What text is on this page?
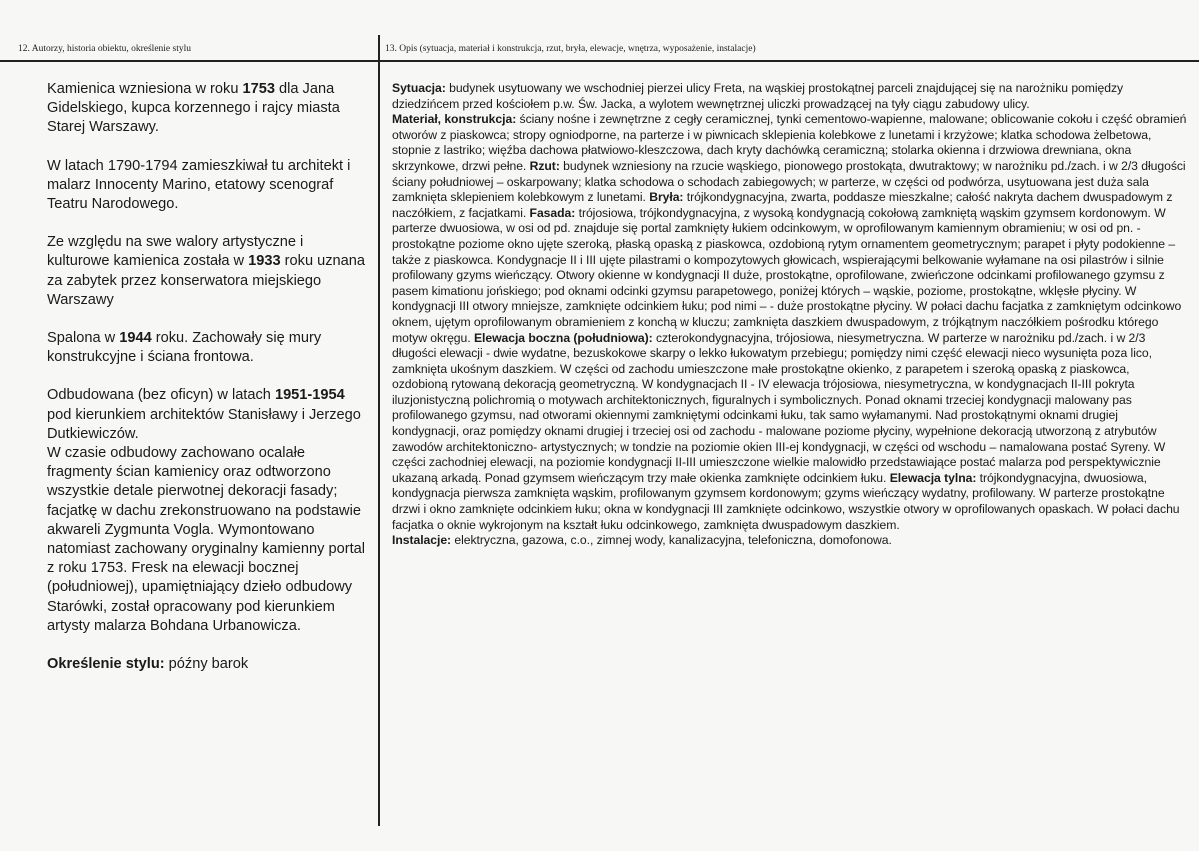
12. Autorzy, historia obiektu, określenie stylu	13. Opis (sytuacja, materiał i konstrukcja, rzut, bryła, elewacje, wnętrza, wyposażenie, instalacje)

Kamienica wzniesiona w roku 1753 dla Jana Gidelskiego, kupca korzennego i rajcy miasta Starej Warszawy.

W latach 1790-1794 zamieszkiwał tu architekt i malarz Innocenty Marino, etatowy scenograf Teatru Narodowego.

Ze względu na swe walory artystyczne i kulturowe kamienica została w 1933 roku uznana za zabytek przez konserwatora miejskiego Warszawy

Spalona w 1944 roku. Zachowały się mury konstrukcyjne i ściana frontowa.

Odbudowana (bez oficyn) w latach 1951-1954 pod kierunkiem architektów Stanisławy i Jerzego Dutkiewiczów.

W czasie odbudowy zachowano ocalałe fragmenty ścian kamienicy oraz odtworzono wszystkie detale pierwotnej dekoracji fasady; facjatkę w dachu zrekonstruowano na podstawie akwareli Zygmunta Vogla. Wymontowano natomiast zachowany oryginalny kamienny portal z roku 1753. Fresk na elewacji bocznej (południowej), upamiętniający dzieło odbudowy Starówki, został opracowany pod kierunkiem artysty malarza Bohdana Urbanowicza.

Określenie stylu: późny barok

Sytuacja: budynek usytuowany we wschodniej pierzei ulicy Freta, na wąskiej prostokątnej parceli znajdującej się na narożniku pomiędzy dziedzińcem przed kościołem p.w. Św. Jacka, a wylotem wewnętrznej uliczki prowadzącej na tyły ciągu zabudowy ulicy.

Materiał, konstrukcja: ściany nośne i zewnętrzne z cegły ceramicznej, tynki cementowo-wapienne, malowane; oblicowanie cokołu i część obramień otworów z piaskowca; stropy ogniodporne, na parterze i w piwnicach sklepienia kolebkowe z lunetami i krzyżowe; klatka schodowa żelbetowa, stopnie z lastriko; więźba dachowa płatwiowo-kleszczowa, dach kryty dachówką ceramiczną; stolarka okienna i drzwiowa drewniana, okna skrzynkowe, drzwi pełne. Rzut: budynek wzniesiony na rzucie wąskiego, pionowego prostokąta, dwutraktowy; w narożniku pd./zach. i w 2/3 długości ściany południowej – oskarpowany; klatka schodowa o schodach zabiegowych; w parterze, w części od podwórza, usytuowana jest duża sala zamknięta sklepieniem kolebkowym z lunetami. Bryła: trójkondygnacyjna, zwarta, poddasze mieszkalne; całość nakryta dachem dwuspadowym z naczółkiem, z facjatkami. Fasada: trójosiowa, trójkondygnacyjna, z wysoką kondygnacją cokołową zamkniętą wąskim gzymsem kordonowym. W parterze dwuosiowa, w osi od pd. znajduje się portal zamknięty łukiem odcinkowym, w oprofilowanym kamiennym obramieniu; w osi od pn. - prostokątne poziome okno ujęte szeroką, płaską opaską z piaskowca, ozdobioną rytym ornamentem geometrycznym; parapet i płyty podokienne – także z piaskowca. Kondygnacje II i III ujęte pilastrami o kompozytowych głowicach, wspierającymi belkowanie wyłamane na osi pilastrów i silnie profilowany gzyms wieńczący. Otwory okienne w kondygnacji II duże, prostokątne, oprofilowane, zwieńczone odcinkami profilowanego gzymsu z pasem kimationu jońskiego; pod oknami odcinki gzymsu parapetowego, poniżej których – wąskie, poziome, prostokątne, wklęsłe płyciny. W kondygnacji III otwory mniejsze, zamknięte odcinkiem łuku; pod nimi – - duże prostokątne płyciny. W połaci dachu facjatka z zamkniętym odcinkowo oknem, ujętym oprofilowanym obramieniem z konchą w kluczu; zamknięta daszkiem dwuspadowym, z trójkątnym naczółkiem pośrodku którego motyw okręgu. Elewacja boczna (południowa): czterokondygnacyjna, trójosiowa, niesymetryczna. W parterze w narożniku pd./zach. i w 2/3 długości elewacji - dwie wydatne, bezuskokowe skarpy o lekko łukowatym przebiegu; pomiędzy nimi część elewacji nieco wysunięta poza lico, zamknięta ukośnym daszkiem. W części od zachodu umieszczone małe prostokątne okienko, z parapetem i szeroką opaską z piaskowca, ozdobioną rytowaną dekoracją geometryczną. W kondygnacjach II - IV elewacja trójosiowa, niesymetryczna, w kondygnacjach II-III pokryta iluzjonistyczną polichromią o motywach architektonicznych, figuralnych i symbolicznych. Ponad oknami trzeciej kondygnacji malowany pas profilowanego gzymsu, nad otworami okiennymi zamkniętymi odcinkami łuku, tak samo wyłamanymi. Nad prostokątnymi oknami drugiej kondygnacji, oraz pomiędzy oknami drugiej i trzeciej osi od zachodu - malowane poziome płyciny, wypełnione dekoracją utworzoną z atrybutów zawodów architektoniczno- artystycznych; w tondzie na poziomie okien III-ej kondygnacji, w części od wschodu – namalowana postać Syreny. W części zachodniej elewacji, na poziomie kondygnacji II-III umieszczone wielkie malowidło przedstawiające postać malarza pod perspektywicznie ukazaną arkadą. Ponad gzymsem wieńczącym trzy małe okienka zamknięte odcinkiem łuku. Elewacja tylna: trójkondygnacyjna, dwuosiowa, kondygnacja pierwsza zamknięta wąskim, profilowanym gzymsem kordonowym; gzyms wieńczący wydatny, profilowany. W parterze prostokątne drzwi i okno zamknięte odcinkiem łuku; okna w kondygnacji III zamknięte odcinkowo, wszystkie otwory w oprofilowanych opaskach. W połaci dachu facjatka o oknie wykrojonym na kształt łuku odcinkowego, zamknięta dwuspadowym daszkiem.

Instalacje: elektryczna, gazowa, c.o., zimnej wody, kanalizacyjna, telefoniczna, domofonowa.
